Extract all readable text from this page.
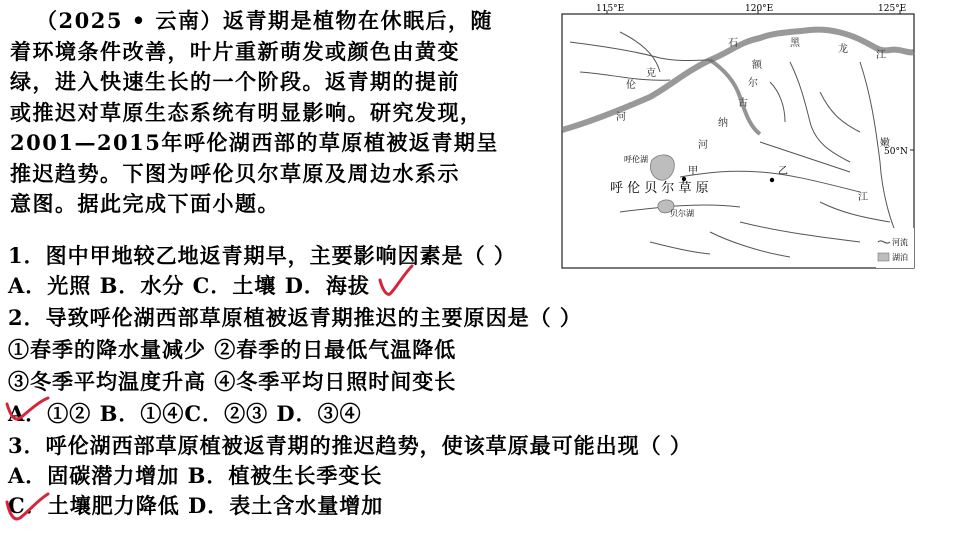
（2025 • 云南）返青期是植物在休眠后，随
着环境条件改善，叶片重新萌发或颜色由黄变
绿，进入快速生长的一个阶段。返青期的提前
或推迟对草原生态系统有明显影响。研究发现，
2001—2015年呼伦湖西部的草原植被返青期呈
推迟趋势。下图为呼伦贝尔草原及周边水系示
意图。据此完成下面小题。
115°E	120°E	125°E
50°N
石	黑
龙
江
额
尔
古
纳
河	嫩
江
克
伦
河
呼伦湖
贝尔湖
呼 伦 贝 尔 草 原
甲	乙
河流
湖泊
1．图中甲地较乙地返青期早，主要影响因素是（ ）
A．光照 B．水分 C．土壤 D．海拔
2．导致呼伦湖西部草原植被返青期推迟的主要原因是（ ）
①春季的降水量减少 ②春季的日最低气温降低
③冬季平均温度升高 ④冬季平均日照时间变长
A．①② B．①④C．②③ D．③④
3．呼伦湖西部草原植被返青期的推迟趋势，使该草原最可能出现（ ）
A．固碳潜力增加 B．植被生长季变长
C．土壤肥力降低 D．表土含水量增加
